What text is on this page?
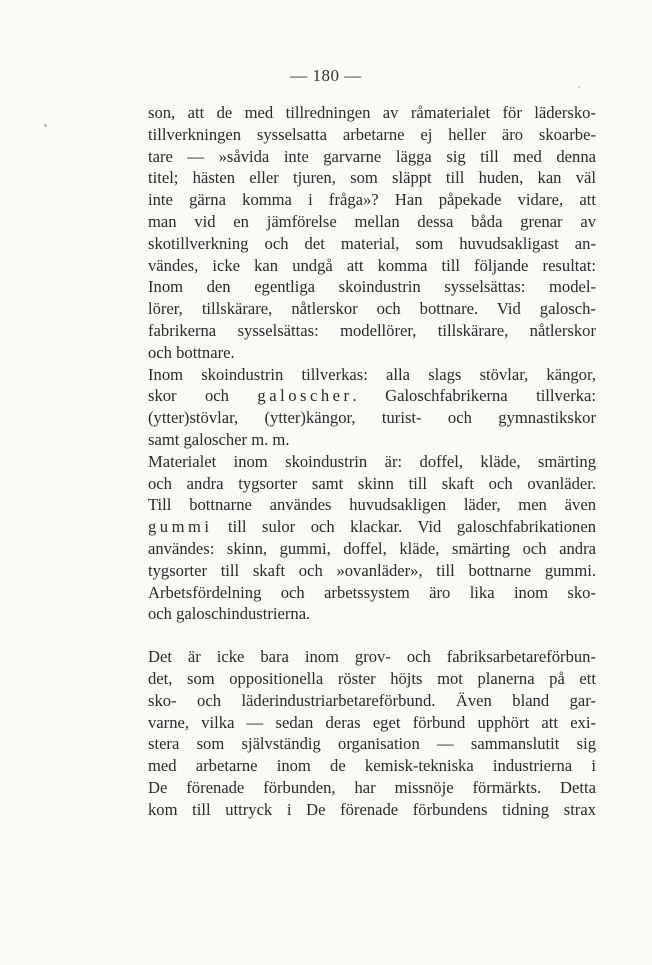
— 180 —
son, att de med tillredningen av råmaterialet för lädersko-
tillverkningen sysselsatta arbetarne ej heller äro skoarbe-
tare — »såvida inte garvarne lägga sig till med denna
titel; hästen eller tjuren, som släppt till huden, kan väl
inte gärna komma i fråga»? Han påpekade vidare, att
man vid en jämförelse mellan dessa båda grenar av
skotillverkning och det material, som huvudsakligast an-
vändes, icke kan undgå att komma till följande resultat:
Inom den egentliga skoindustrin sysselsättas: model-
lörer, tillskärare, nåtlerskor och bottnare. Vid galosch-
fabrikerna sysselsättas: modellörer, tillskärare, nåtlerskor
och bottnare.
Inom skoindustrin tillverkas: alla slags stövlar, kängor,
skor och galoscher. Galoschfabrikerna tillverka:
(ytter)stövlar, (ytter)kängor, turist- och gymnastikskor
samt galoscher m. m.
Materialet inom skoindustrin är: doffel, kläde, smärting
och andra tygsorter samt skinn till skaft och ovanläder.
Till bottnarne användes huvudsakligen läder, men även
gummi till sulor och klackar. Vid galoschfabrikationen
användes: skinn, gummi, doffel, kläde, smärting och andra
tygsorter till skaft och »ovanläder», till bottnarne gummi.
Arbetsfördelning och arbetssystem äro lika inom sko-
och galoschindustrierna.
Det är icke bara inom grov- och fabriksarbetareförbun-
det, som oppositionella röster höjts mot planerna på ett
sko- och läderindustriarbetareförbund. Även bland gar-
varne, vilka — sedan deras eget förbund upphört att exi-
stera som självständig organisation — sammanslutit sig
med arbetarne inom de kemisk-tekniska industrierna i
De förenade förbunden, har missnöje förmärkts. Detta
kom till uttryck i De förenade förbundens tidning strax
